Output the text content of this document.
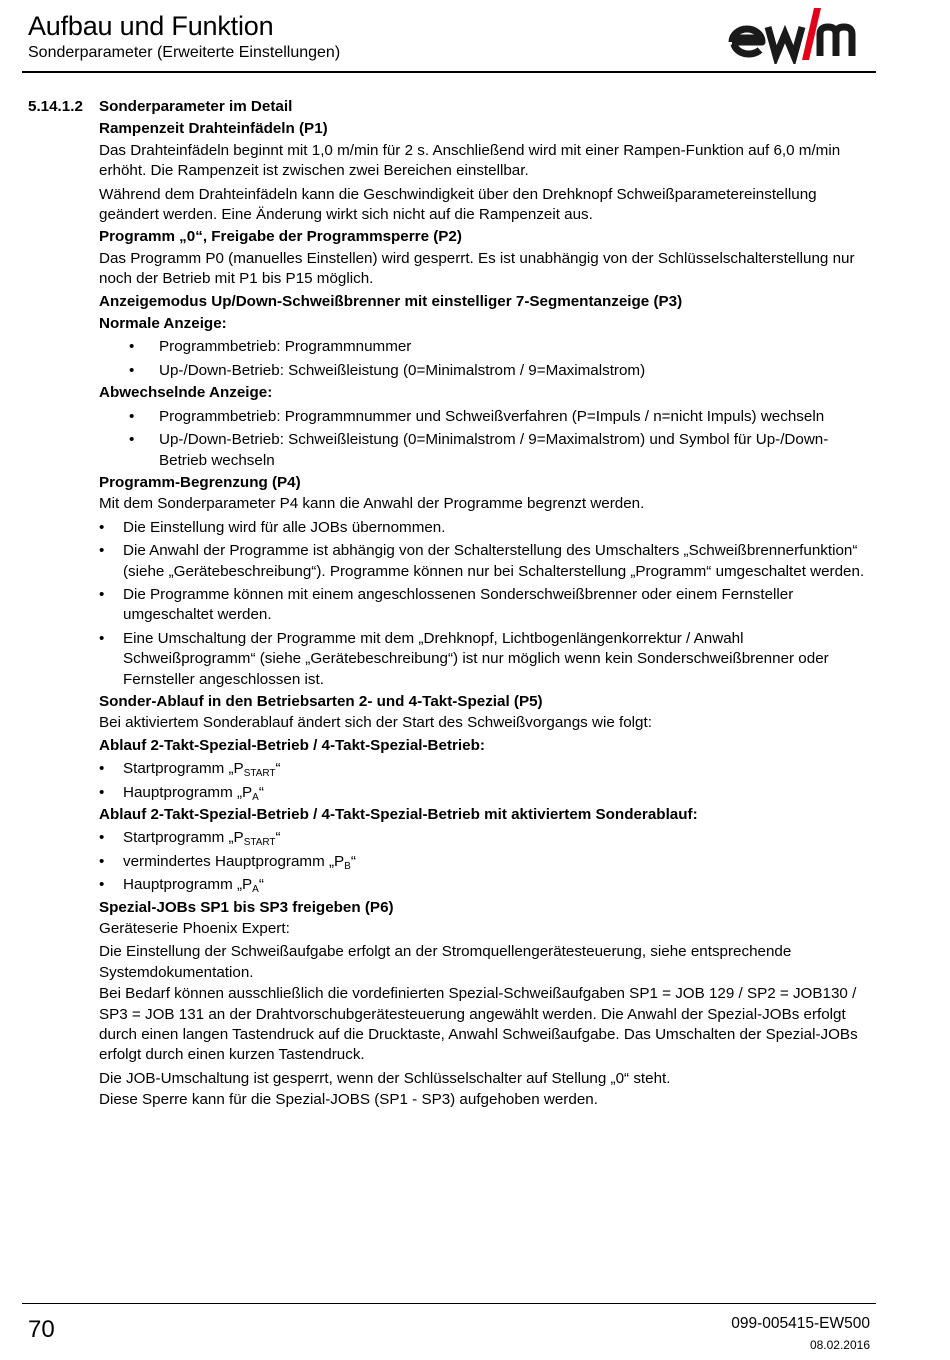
Aufbau und Funktion
Sonderparameter (Erweiterte Einstellungen)
5.14.1.2	Sonderparameter im Detail
Rampenzeit Drahteinfädeln (P1)
Das Drahteinfädeln beginnt mit 1,0 m/min für 2 s. Anschließend wird mit einer Rampen-Funktion auf 6,0 m/min erhöht. Die Rampenzeit ist zwischen zwei Bereichen einstellbar.
Während dem Drahteinfädeln kann die Geschwindigkeit über den Drehknopf Schweißparametereinstellung geändert werden. Eine Änderung wirkt sich nicht auf die Rampenzeit aus.
Programm „0“, Freigabe der Programmsperre (P2)
Das Programm P0 (manuelles Einstellen) wird gesperrt. Es ist unabhängig von der Schlüsselschalterstellung nur noch der Betrieb mit P1 bis P15 möglich.
Anzeigemodus Up/Down-Schweißbrenner mit einstelliger 7-Segmentanzeige (P3)
Normale Anzeige:
• Programmbetrieb: Programmnummer
• Up-/Down-Betrieb: Schweißleistung (0=Minimalstrom / 9=Maximalstrom)
Abwechselnde Anzeige:
• Programmbetrieb: Programmnummer und Schweißverfahren (P=Impuls / n=nicht Impuls) wechseln
• Up-/Down-Betrieb: Schweißleistung (0=Minimalstrom / 9=Maximalstrom) und Symbol für Up-/Down-Betrieb wechseln
Programm-Begrenzung (P4)
Mit dem Sonderparameter P4 kann die Anwahl der Programme begrenzt werden.
• Die Einstellung wird für alle JOBs übernommen.
• Die Anwahl der Programme ist abhängig von der Schalterstellung des Umschalters „Schweißbrennerfunktion“ (siehe „Gerätebeschreibung“). Programme können nur bei Schalterstellung „Programm“ umgeschaltet werden.
• Die Programme können mit einem angeschlossenen Sonderschweißbrenner oder einem Fernsteller umgeschaltet werden.
• Eine Umschaltung der Programme mit dem „Drehknopf, Lichtbogenlängenkorrektur / Anwahl Schweißprogramm“ (siehe „Gerätebeschreibung“) ist nur möglich wenn kein Sonderschweißbrenner oder Fernsteller angeschlossen ist.
Sonder-Ablauf in den Betriebsarten 2- und 4-Takt-Spezial (P5)
Bei aktiviertem Sonderablauf ändert sich der Start des Schweißvorgangs wie folgt:
Ablauf 2-Takt-Spezial-Betrieb / 4-Takt-Spezial-Betrieb:
• Startprogramm $„P_{START}“$
• Hauptprogramm $„P_A“$
Ablauf 2-Takt-Spezial-Betrieb / 4-Takt-Spezial-Betrieb mit aktiviertem Sonderablauf:
• Startprogramm $„P_{START}“$
• vermindertes Hauptprogramm $„P_B“$
• Hauptprogramm $„P_A“$
Spezial-JOBs SP1 bis SP3 freigeben (P6)
Geräteserie Phoenix Expert:
Die Einstellung der Schweißaufgabe erfolgt an der Stromquellengerätesteuerung, siehe entsprechende Systemdokumentation.
Bei Bedarf können ausschließlich die vordefinierten Spezial-Schweißaufgaben SP1 = JOB 129 / SP2 = JOB130 / SP3 = JOB 131 an der Drahtvorschubgerätesteuerung angewählt werden. Die Anwahl der Spezial-JOBs erfolgt durch einen langen Tastendruck auf die Drucktaste, Anwahl Schweißaufgabe. Das Umschalten der Spezial-JOBs erfolgt durch einen kurzen Tastendruck.
Die JOB-Umschaltung ist gesperrt, wenn der Schlüsselschalter auf Stellung „0“ steht.
Diese Sperre kann für die Spezial-JOBS (SP1 - SP3) aufgehoben werden.
70	099-005415-EW500
08.02.2016
